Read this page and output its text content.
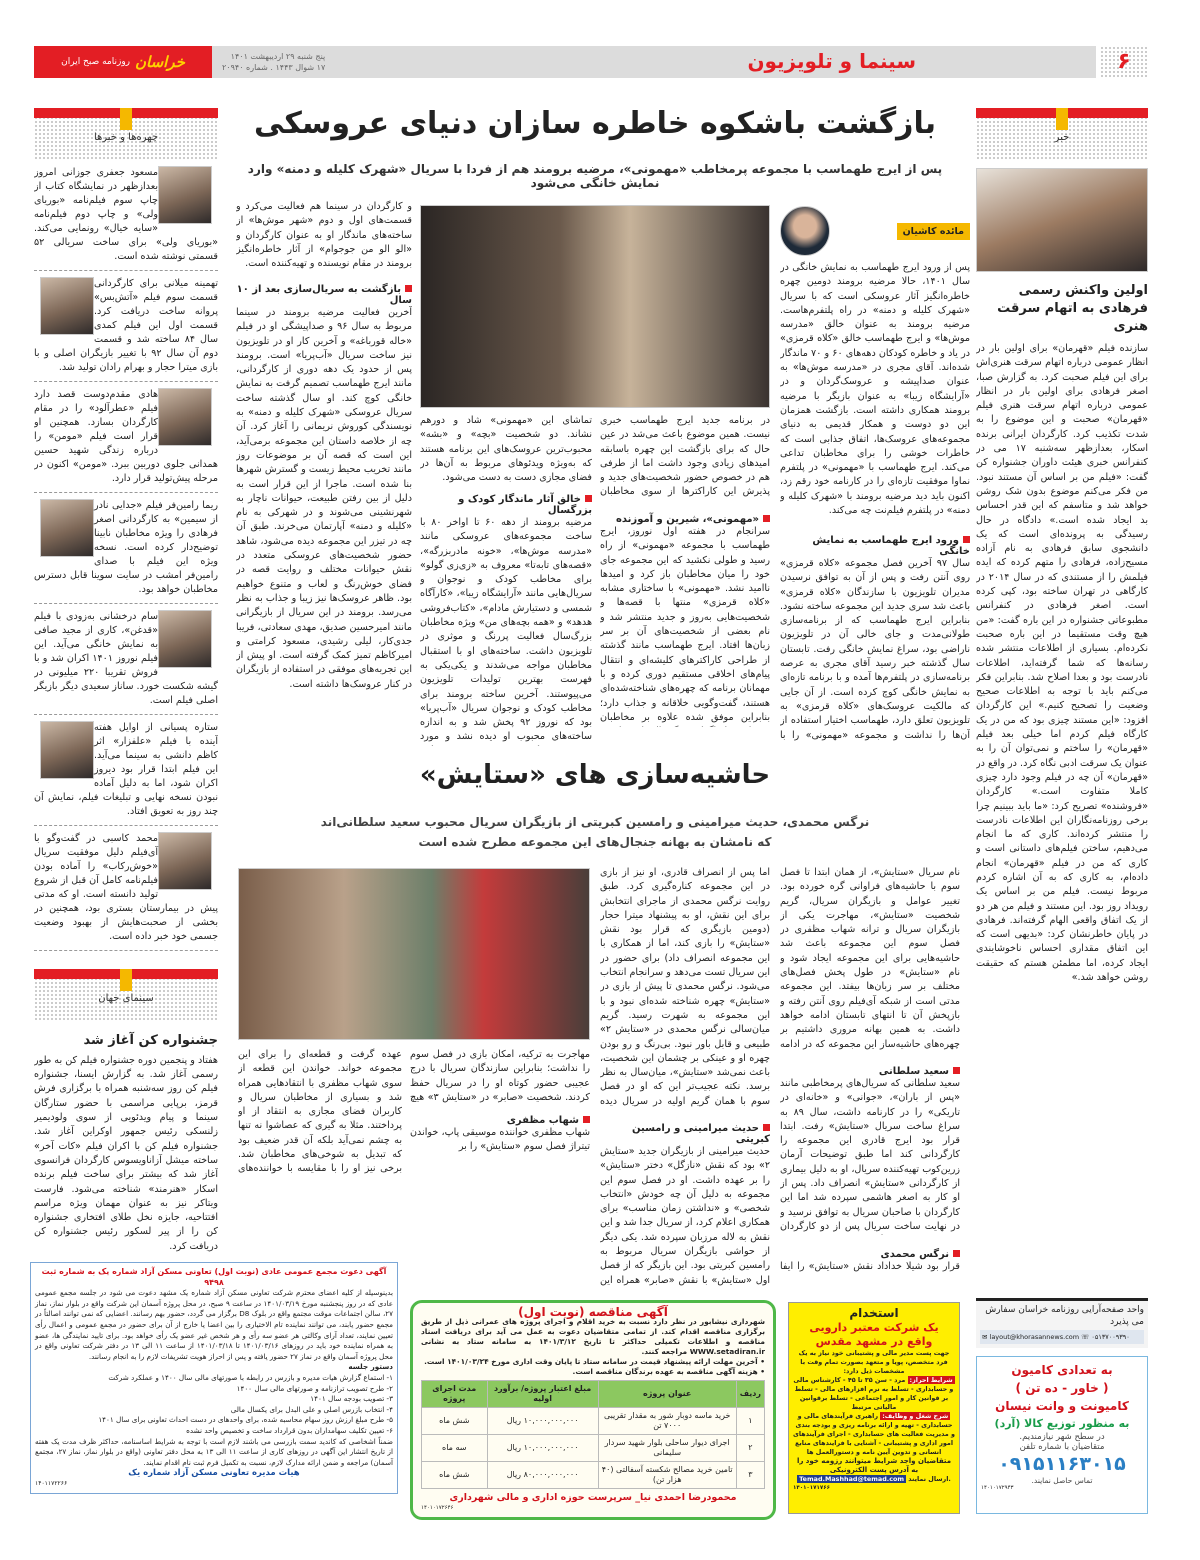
۶
سینما و تلویزیون
پنج شنبه ۲۹ اردیبهشت ۱۴۰۱
۱۷ شوال ۱۴۴۳ . شماره ۲۰۹۴۰
خراسان
روزنامه صبح ایران
چهره‌ها و خبرها
مسعود جعفری جوزانی امروز بعدازظهر در نمایشگاه کتاب از چاپ سوم فیلم‌نامه «بوریای ولی» و چاپ دوم فیلم‌نامه «سایه خیال» رونمایی می‌کند. «بوریای ولی» برای ساخت سریالی ۵۲ قسمتی نوشته شده است.
تهمینه میلانی برای کارگردانی قسمت سوم فیلم «آتش‌بس» پروانه ساخت دریافت کرد. قسمت اول این فیلم کمدی سال ۸۴ ساخته شد و قسمت دوم آن سال ۹۲ با تغییر بازیگران اصلی و با بازی میترا حجار و بهرام رادان تولید شد.
هادی مقدم‌دوست قصد دارد فیلم «عطرآلود» را در مقام کارگردان بسازد. همچنین او قرار است فیلم «مومن» را درباره زندگی شهید حسین همدانی جلوی دوربین ببرد. «مومن» اکنون در مرحله پیش‌تولید قرار دارد.
ریما رامین‌فر فیلم «جدایی نادر از سیمین» به کارگردانی اصغر فرهادی را ویژه مخاطبان نابینا توضیح‌دار کرده است. نسخه ویژه این فیلم با صدای رامین‌فر امشب در سایت سوینا قابل دسترس مخاطبان خواهد بود.
سام درخشانی به‌زودی با فیلم «قدغن»، کاری از مجید صافی به نمایش خانگی می‌آید. این فیلم نوروز ۱۴۰۱ اکران شد و با فروش تقریبا ۲۲۰ میلیونی در گیشه شکست خورد. ساناز سعیدی دیگر بازیگر اصلی فیلم است.
ستاره پسیانی از اوایل هفته آینده با فیلم «علفزار» اثر کاظم دانشی به سینما می‌آید. این فیلم ابتدا قرار بود دیروز اکران شود، اما به دلیل آماده نبودن نسخه نهایی و تبلیغات فیلم، نمایش آن چند روز به تعویق افتاد.
محمد کاسبی در گفت‌وگو با آی‌فیلم دلیل موفقیت سریال «خوش‌رکاب» را آماده بودن فیلم‌نامه کامل آن قبل از شروع تولید دانسته است. او که مدتی پیش در بیمارستان بستری بود، همچنین در بخشی از صحبت‌هایش از بهبود وضعیت جسمی خود خبر داده است.
سینمای جهان
جشنواره کن آغاز شد
هفتاد و پنجمین دوره جشنواره فیلم کن به طور رسمی آغاز شد. به گزارش ایسنا، جشنواره فیلم کن روز سه‌شنبه همراه با برگزاری فرش قرمز، برپایی مراسمی با حضور ستارگان سینما و پیام ویدئویی از سوی ولودیمیر زلنسکی رئیس جمهور اوکراین آغاز شد. جشنواره فیلم کن با اکران فیلم «کات آخر» ساخته میشل آزاناویسوس کارگردان فرانسوی آغاز شد که بیشتر برای ساخت فیلم برنده اسکار «هنرمند» شناخته می‌شود. فارست ویتاکر نیز به عنوان مهمان ویژه مراسم افتتاحیه، جایزه نخل طلای افتخاری جشنواره کن را از پیر لسکور رئیس جشنواره کن دریافت کرد.
خبر
اولین واکنش رسمی فرهادی به اتهام سرقت هنری
سازنده فیلم «قهرمان» برای اولین بار در انظار عمومی درباره اتهام سرقت هنری‌اش برای این فیلم صحبت کرد. به گزارش صبا، اصغر فرهادی برای اولین بار در انظار عمومی درباره اتهام سرقت هنری فیلم «قهرمان» صحبت و این موضوع را به شدت تکذیب کرد. کارگردان ایرانی برنده اسکار، بعدازظهر سه‌شنبه ۱۷ می در کنفرانس خبری هیئت داوران جشنواره کن گفت: «فیلم من بر اساس آن مستند نبود. من فکر می‌کنم موضوع بدون شک روشن خواهد شد و متاسفم که این قدر احساس بد ایجاد شده است.» دادگاه در حال رسیدگی به پرونده‌ای است که یک دانشجوی سابق فرهادی به نام آزاده مسیح‌زاده، فرهادی را متهم کرده که ایده فیلمش را از مستندی که در سال ۲۰۱۴ در کارگاهی در تهران ساخته بود، کپی کرده است. اصغر فرهادی در کنفرانس مطبوعاتی جشنواره در این باره گفت: «من هیچ وقت مستقیما در این باره صحبت نکرده‌ام. بسیاری از اطلاعات منتشر شده رسانه‌ها که شما گرفته‌اید، اطلاعات نادرست بود و بعدا اصلاح شد. بنابراین فکر می‌کنم باید با توجه به اطلاعات صحیح وضعیت را تصحیح کنیم.» این کارگردان افزود: «این مستند چیزی بود که من در یک کارگاه فیلم کردم اما خیلی بعد فیلم «قهرمان» را ساختم و نمی‌توان آن را به عنوان یک سرقت ادبی نگاه کرد. در واقع در «قهرمان» آن چه در فیلم وجود دارد چیزی کاملا متفاوت است.» کارگردان «فروشنده» تصریح کرد: «ما باید ببینیم چرا برخی روزنامه‌نگاران این اطلاعات نادرست را منتشر کرده‌اند. کاری که ما انجام می‌دهیم، ساختن فیلم‌های داستانی است و کاری که من در فیلم «قهرمان» انجام داده‌ام، به کاری که به آن اشاره کردم مربوط نیست. فیلم من بر اساس یک رویداد روز بود. این مستند و فیلم من هر دو از یک اتفاق واقعی الهام گرفته‌اند. فرهادی در پایان خاطرنشان کرد: «بدیهی است که این اتفاق مقداری احساس ناخوشایندی ایجاد کرده، اما مطمئن هستم که حقیقت روشن خواهد شد.»
بازگشت باشکوه خاطره سازان دنیای عروسکی
پس از ایرج طهماسب با مجموعه پرمخاطب «مهمونی»، مرضیه برومند هم از فردا با سریال «شهرک کلیله و دمنه» وارد نمایش خانگی می‌شود
مائده کاشیان
پس از ورود ایرج طهماسب به نمایش خانگی در سال ۱۴۰۱، حالا مرضیه برومند دومین چهره خاطره‌انگیز آثار عروسکی است که با سریال «شهرک کلیله و دمنه» در راه پلتفرم‌هاست. مرضیه برومند به عنوان خالق «مدرسه موش‌ها» و ایرج طهماسب خالق «کلاه قرمزی» در یاد و خاطره کودکان دهه‌های ۶۰ و ۷۰ ماندگار شده‌اند. آقای مجری در «مدرسه موش‌ها» به عنوان صداپیشه و عروسک‌گردان و در «آرایشگاه زیبا» به عنوان بازیگر با مرضیه برومند همکاری داشته است. بازگشت همزمان این دو دوست و همکار قدیمی به دنیای مجموعه‌های عروسک‌ها، اتفاق جذابی است که خاطرات خوشی را برای مخاطبان تداعی می‌کند. ایرج طهماسب با «مهمونی» در پلتفرم نماوا موفقیت تازه‌ای را در کارنامه خود رقم زد، اکنون باید دید مرضیه برومند با «شهرک کلیله و دمنه» در پلتفرم فیلم‌نت چه می‌کند.
ورود ایرج طهماسب به نمایش خانگی
سال ۹۷ آخرین فصل مجموعه «کلاه قرمزی» روی آنتن رفت و پس از آن به توافق نرسیدن مدیران تلویزیون با سازندگان «کلاه قرمزی» باعث شد سری جدید این مجموعه ساخته نشود. بنابراین ایرج طهماسب که از برنامه‌سازی طولانی‌مدت و جای خالی آن در تلویزیون ناراضی بود، سراغ نمایش خانگی رفت. تابستان سال گذشته خبر رسید آقای مجری به عرصه برنامه‌سازی در پلتفرم‌ها آمده و با برنامه تازه‌ای به نمایش خانگی کوچ کرده است. از آن جایی که مالکیت عروسک‌های «کلاه قرمزی» به تلویزیون تعلق دارد، طهماسب اختیار استفاده از آن‌ها را نداشت و مجموعه «مهمونی» را با
در برنامه جدید ایرج طهماسب خبری نیست. همین موضوع باعث می‌شد در عین حال که برای بازگشت این چهره باسابقه امیدهای زیادی وجود داشت اما از طرفی هم در خصوص حضور شخصیت‌های جدید و پذیرش این کاراکترها از سوی مخاطبان
«مهمونی»، شیرین و آموزنده
سرانجام در هفته اول نوروز، ایرج طهماسب با مجموعه «مهمونی» از راه رسید و طولی نکشید که این مجموعه جای خود را میان مخاطبان باز کرد و امیدها ناامید نشد. «مهمونی» با ساختاری مشابه «کلاه قرمزی» منتها با قصه‌ها و شخصیت‌هایی به‌روز و جدید منتشر شد و نام بعضی از شخصیت‌های آن بر سر زبان‌ها افتاد. ایرج طهماسب مانند گذشته از طراحی کاراکترهای کلیشه‌ای و انتقال پیام‌های اخلاقی مستقیم دوری کرده و با مهمانان برنامه که چهره‌های شناخته‌شده‌ای هستند، گفت‌وگویی خلاقانه و جذاب دارد؛ بنابراین موفق شده علاوه بر مخاطبان
تماشای این «مهمونی» شاد و دورهم نشاند. دو شخصیت «بچه» و «بشه» محبوب‌ترین عروسک‌های این برنامه هستند که به‌ویژه ویدئوهای مربوط به آن‌ها در فضای مجازی دست به دست می‌شود.
خالق آثار ماندگار کودک و بزرگسال
مرضیه برومند از دهه ۶۰ تا اواخر ۸۰ با ساخت مجموعه‌های عروسکی مانند «مدرسه موش‌ها»، «خونه مادربزرگه»، «قصه‌های تابه‌تا» معروف به «زی‌زی گولو» برای مخاطب کودک و نوجوان و سریال‌هایی مانند «آرایشگاه زیبا»، «کارآگاه شمسی و دستیارش مادام»، «کتاب‌فروشی هدهد» و «همه بچه‌های من» ویژه مخاطبان بزرگ‌سال فعالیت پررنگ و موثری در تلویزیون داشت. ساخته‌های او با استقبال مخاطبان مواجه می‌شدند و یکی‌یکی به فهرست بهترین تولیدات تلویزیون می‌پیوستند. آخرین ساخته برومند برای مخاطب کودک و نوجوان سریال «آب‌پریا» بود که نوروز ۹۲ پخش شد و به اندازه ساخته‌های محبوب او دیده نشد و مورد
و کارگردان در سینما هم فعالیت می‌کرد و قسمت‌های اول و دوم «شهر موش‌ها» از ساخته‌های ماندگار او به عنوان کارگردان و «الو الو من جوجوام» از آثار خاطره‌انگیز برومند در مقام نویسنده و تهیه‌کننده است.
بازگشت به سریال‌سازی بعد از ۱۰ سال
آخرین فعالیت مرضیه برومند در سینما مربوط به سال ۹۶ و صداپیشگی او در فیلم «خاله قورباغه» و آخرین کار او در تلویزیون نیز ساخت سریال «آب‌پریا» است. برومند پس از حدود یک دهه دوری از کارگردانی، مانند ایرج طهماسب تصمیم گرفت به نمایش خانگی کوچ کند. او سال گذشته ساخت سریال عروسکی «شهرک کلیله و دمنه» به نویسندگی کوروش نریمانی را آغاز کرد. آن چه از خلاصه داستان این مجموعه برمی‌آید، این است که قصه آن بر موضوعات روز مانند تخریب محیط زیست و گسترش شهرها بنا شده است. ماجرا از این قرار است به دلیل از بین رفتن طبیعت، حیوانات ناچار به شهرنشینی می‌شوند و در شهرکی به نام «کلیله و دمنه» آپارتمان می‌خرند. طبق آن چه در تیزر این مجموعه دیده می‌شود، شاهد حضور شخصیت‌های عروسکی متعدد در نقش حیوانات مختلف و روایت قصه در فضای خوش‌رنگ و لعاب و متنوع خواهیم بود. ظاهر عروسک‌ها نیز زیبا و جذاب به نظر می‌رسد. برومند در این سریال از بازیگرانی مانند امیرحسین صدیق، مهدی سعادتی، فریبا جدی‌کار، لیلی رشیدی، مسعود کرامتی و امیرکاظم تمیز کمک گرفته است. او پیش از این تجربه‌های موفقی در استفاده از بازیگران در کنار عروسک‌ها داشته است.
حاشیه‌سازی های «ستایش»
نرگس محمدی، حدیث میرامینی و رامسین کبریتی از بازیگران سریال محبوب سعید سلطانی‌اند
که نامشان به بهانه جنجال‌های این مجموعه مطرح شده است
نام سریال «ستایش»، از همان ابتدا تا فصل سوم با حاشیه‌های فراوانی گره خورده بود. تغییر عوامل و بازیگران سریال، گریم شخصیت «ستایش»، مهاجرت یکی از بازیگران سریال و ترانه شهاب مظفری در فصل سوم این مجموعه باعث شد حاشیه‌هایی برای این مجموعه ایجاد شود و نام «ستایش» در طول پخش فصل‌های مختلف بر سر زبان‌ها بیفتد. این مجموعه مدتی است از شبکه آی‌فیلم روی آنتن رفته و بازپخش آن تا انتهای تابستان ادامه خواهد داشت. به همین بهانه مروری داشتیم بر چهره‌های حاشیه‌ساز این مجموعه که در ادامه
سعید سلطانی
سعید سلطانی که سریال‌های پرمخاطبی مانند «پس از باران»، «جوانی» و «خانه‌ای در تاریکی» را در کارنامه داشت، سال ۸۹ به سراغ ساخت سریال «ستایش» رفت. ابتدا قرار بود ایرج قادری این مجموعه را کارگردانی کند اما طبق توضیحات آرمان زرین‌کوب تهیه‌کننده سریال، او به دلیل بیماری از کارگردانی «ستایش» انصراف داد. پس از او کار به اصغر هاشمی سپرده شد اما این کارگردان با صاحبان سریال به توافق نرسید و در نهایت ساخت سریال پس از دو کارگردان
نرگس محمدی
قرار بود شیلا خداداد نقش «ستایش» را ایفا
اما پس از انصراف قادری، او نیز از بازی در این مجموعه کناره‌گیری کرد. طبق روایت نرگس محمدی از ماجرای انتخابش برای این نقش، او به پیشنهاد میترا حجار (دومین بازیگری که قرار بود نقش «ستایش» را بازی کند، اما از همکاری با این مجموعه انصراف داد) برای حضور در این سریال تست می‌دهد و سرانجام انتخاب می‌شود. نرگس محمدی تا پیش از بازی در «ستایش» چهره شناخته شده‌ای نبود و با این مجموعه به شهرت رسید. گریم میان‌سالی نرگس محمدی در «ستایش ۲» طبیعی و قابل باور نبود. بی‌رنگ و رو بودن چهره او و عینکی بر چشمان این شخصیت، باعث نمی‌شد «ستایش»، میان‌سال به نظر برسد. نکته عجیب‌تر این که او در فصل سوم با همان گریم اولیه در سریال دیده
حدیث میرامینی و رامسین کبریتی
حدیث میرامینی از بازیگران جدید «ستایش ۲» بود که نقش «نازگل» دختر «ستایش» را بر عهده داشت. او در فصل سوم این مجموعه به دلیل آن چه خودش «انتخاب شخصی» و «نداشتن زمان مناسب» برای همکاری اعلام کرد، از سریال جدا شد و این نقش به لاله مرزبان سپرده شد. یکی دیگر از حواشی بازیگران سریال مربوط به رامسین کبریتی بود. این بازیگر که از فصل اول «ستایش» با نقش «صابر» همراه این
مهاجرت به ترکیه، امکان بازی در فصل سوم را نداشت؛ بنابراین سازندگان سریال با درج عجیبی حضور کوتاه او را در سریال حفظ کردند. شخصیت «صابر» در «ستایش ۳» هیچ
شهاب مظفری
شهاب مظفری خواننده موسیقی پاپ، خواندن تیتراژ فصل سوم «ستایش» را بر
عهده گرفت و قطعه‌ای را برای این مجموعه خواند. خواندن این قطعه از سوی شهاب مظفری با انتقادهایی همراه شد و بسیاری از مخاطبان سریال و کاربران فضای مجازی به انتقاد از او پرداختند. مثلا به گیری که عصاشوا نه تنها به چشم نمی‌آید بلکه آن قدر ضعیف بود که تبدیل به شوخی‌های مخاطبان شد. برخی نیز او را با مقایسه با خواننده‌های
آگهی دعوت مجمع عمومی عادی (نوبت اول) تعاونی مسکن آزاد شماره یک به شماره ثبت ۹۴۹۸
بدینوسیله از کلیه اعضای محترم شرکت تعاونی مسکن آزاد شماره یک مشهد دعوت می شود در جلسه مجمع عمومی عادی که در روز پنجشنبه مورخ ۱۴۰۱/۰۳/۱۹ در ساعت ۹ صبح، در محل پروژه آسمان این شرکت واقع در بلوار نماز، نماز ۲۷، سالن اجتماعات موقت مجتمع واقع در بلوک D8 برگزار می گردد، حضور بهم رسانند. اعضایی که نمی توانند اصالتاً در مجمع حضور یابند، می توانند نماینده تام الاختیاری را بین اعضا یا خارج از آن برای حضور در مجمع عمومی و اعمال رأی تعیین نمایند، تعداد آرای وکالتی هر عضو سه رأی و هر شخص غیر عضو یک رأی خواهد بود. برای تایید نمایندگی ها، عضو به همراه نماینده خود باید در روزهای ۱۴۰۱/۰۳/۱۶ تا ۱۴۰۱/۰۳/۱۸ از ساعت ۱۱ الی ۱۳ در دفتر شرکت تعاونی واقع در محل پروژه آسمان واقع در نماز ۲۷ حضور یافته و پس از احراز هویت تشریفات لازم را به انجام رسانند.
دستور جلسه
۱- استماع گزارش هیات مدیره و بازرس در رابطه با صورتهای مالی سال ۱۴۰۰ و عملکرد شرکت
۲- طرح تصویب ترازنامه و صورتهای مالی سال ۱۴۰۰
۳- تصویب بودجه سال ۱۴۰۱
۴- انتخاب بازرس اصلی و علی البدل برای یکسال مالی
۵- طرح مبلغ ارزش روز سهام محاسبه شده، برای واحدهای در دست احداث تعاونی برای سال ۱۴۰۱
۶- تعیین تکلیف سهامداران بدون قرارداد ساخت و تخصیص واحد نشده
ضمناً اشخاصی که کاندید سمت بازرسی می باشند لازم است با توجه به شرایط اساسنامه، حداکثر ظرف مدت یک هفته از تاریخ انتشار این آگهی در روزهای کاری از ساعت ۱۱ الی ۱۳ به محل دفتر تعاونی (واقع در بلوار نماز، نماز ۲۷، مجتمع آسمان) مراجعه و ضمن ارائه مدارک لازم، نسبت به تکمیل فرم ثبت نام اقدام نمایند.
هیات مدیره تعاونی مسکن آزاد شماره یک
۱۴۰۱۱۷۲۲۶۶
آگهی مناقصه (نوبت اول)
شهرداری نیشابور در نظر دارد نسبت به خرید اقلام و اجرای پروژه های عمرانی ذیل از طریق برگزاری مناقصه اقدام کند. از تمامی متقاضیان دعوت به عمل می آید برای دریافت اسناد مناقصه و اطلاعات تکمیلی حداکثر تا تاریخ ۱۴۰۱/۳/۱۲ به سامانه ستاد به نشانی WWW.setadiran.ir مراجعه کنند.
• آخرین مهلت ارائه پیشنهاد قیمت در سامانه ستاد تا پایان وقت اداری مورخ ۱۴۰۱/۰۳/۲۴ است.
• هزینه آگهی مناقصه به عهده برندگان مناقصه است.
ردیف	عنوان پروژه	مبلغ اعتبار پروژه/ برآورد اولیه	مدت اجرای پروژه
۱	خرید ماسه دوبار شور به مقدار تقریبی ۷۰۰۰ تن	۱۰,۰۰۰,۰۰۰,۰۰۰ ریال	شش ماه
۲	اجرای دیوار ساحلی بلوار شهید سردار سلیمانی	۱۰,۰۰۰,۰۰۰,۰۰۰ ریال	سه ماه
۳	تامین خرید مصالح شکسته آسفالتی (۴۰ هزار تن)	۸۰,۰۰۰,۰۰۰,۰۰۰ ریال	شش ماه
محمودرضا احمدی نیا_ سرپرست حوزه اداری و مالی شهرداری
۱۴۰۱۰۱۷۲۶۴۶
استخدام
یک شرکت معتبر دارویی
واقع در مشهد مقدس
جهت پست مدیر مالی و پشتیبانی خود نیاز به یک فرد متخصص، پویا و متعهد بصورت تمام وقت با مشخصات ذیل دارد:
شرایط احراز: مرد - سن ۳۵ تا ۴۵ - کارشناس مالی و حسابداری - تسلط به نرم افزارهای مالی - تسلط بر قوانین کار و امور اجتماعی - تسلط برقوانین مالیاتی مرتبط
شرح شغل و وظایف: راهبری فرآیندهای مالی و حسابداری - تهیه و ارائه برنامه ریزی و بودجه بندی و مدیریت فعالیت های حسابداری - اجرای فرآیندهای امور اداری و پشتیبانی - آشنایی با فرایندهای منابع انسانی و تدوین آیین نامه و دستورالعمل ها
متقاضیان واجد شرایط میتوانند رزومه خود را به آدرس پست الکترونیکی
Temad.Mashhad@temad.com ارسال نمایند.
۱۴۰۱۰۱۷۱۷۶۶
واحد صفحه‌آرایی روزنامه خراسان سفارش می پذیرد
✉ layout@khorasannews.com ☏ ۰۵۱۳۷۰۰۹۳۹۰
به تعدادی کامیون
( خاور - ده تن )
کامیونت و وانت نیسان
به منظور توزیع کالا (آرد)
در سطح شهر نیازمندیم.
متقاضیان با شماره تلفن
۰۹۱۵۱۱۶۳۰۱۵
تماس حاصل نمایند.
۱۴۰۱۰۱۷۲۹۴۳
